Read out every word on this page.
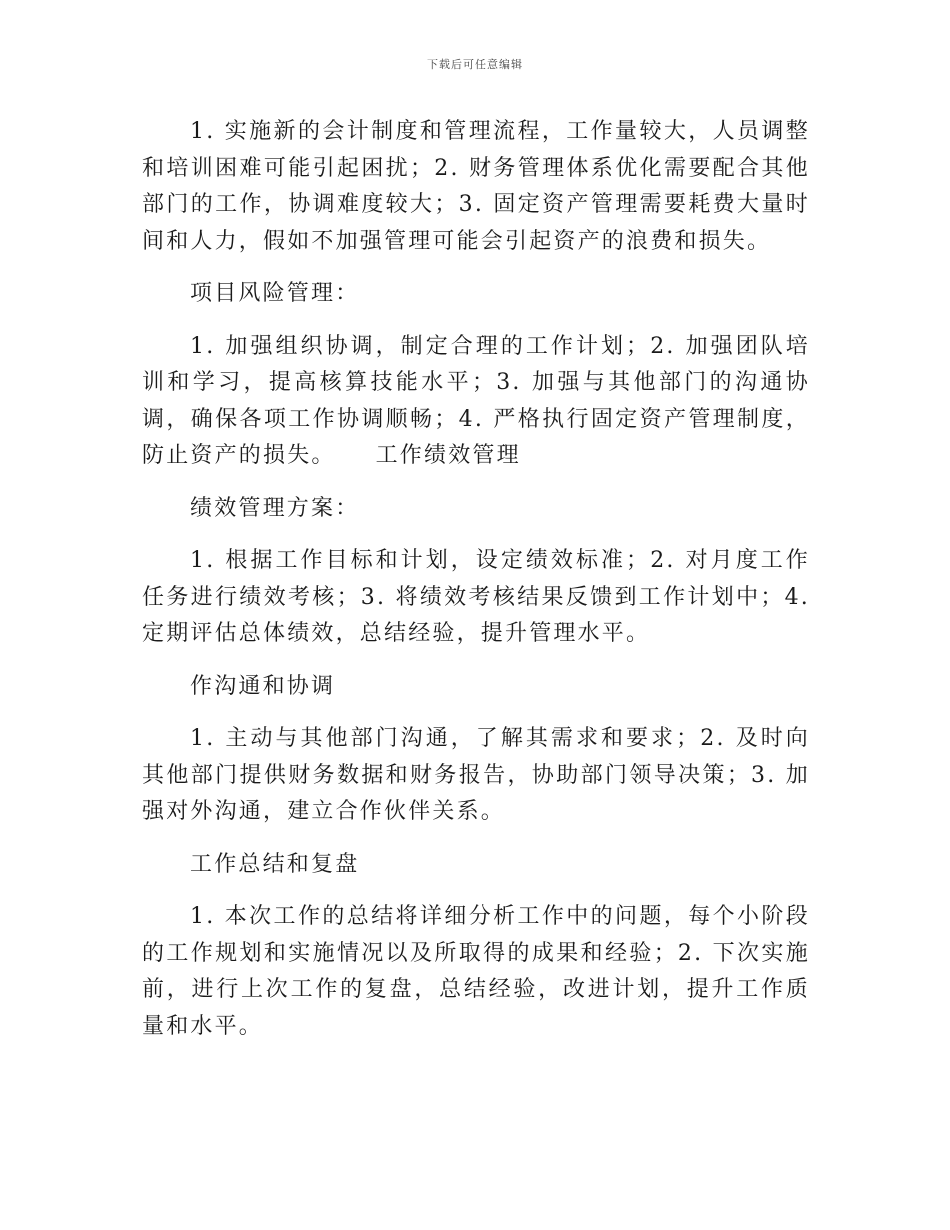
下载后可任意编辑

1. 实施新的会计制度和管理流程，工作量较大，人员调整和培训困难可能引起困扰；2. 财务管理体系优化需要配合其他部门的工作，协调难度较大；3. 固定资产管理需要耗费大量时间和人力，假如不加强管理可能会引起资产的浪费和损失。

项目风险管理：

1. 加强组织协调，制定合理的工作计划；2. 加强团队培训和学习，提高核算技能水平；3. 加强与其他部门的沟通协调，确保各项工作协调顺畅；4. 严格执行固定资产管理制度，防止资产的损失。 工作绩效管理

绩效管理方案：

1. 根据工作目标和计划，设定绩效标准；2. 对月度工作任务进行绩效考核；3. 将绩效考核结果反馈到工作计划中；4. 定期评估总体绩效，总结经验，提升管理水平。

作沟通和协调

1. 主动与其他部门沟通，了解其需求和要求；2. 及时向其他部门提供财务数据和财务报告，协助部门领导决策；3. 加强对外沟通，建立合作伙伴关系。

工作总结和复盘

1. 本次工作的总结将详细分析工作中的问题，每个小阶段的工作规划和实施情况以及所取得的成果和经验；2. 下次实施前，进行上次工作的复盘，总结经验，改进计划，提升工作质量和水平。
